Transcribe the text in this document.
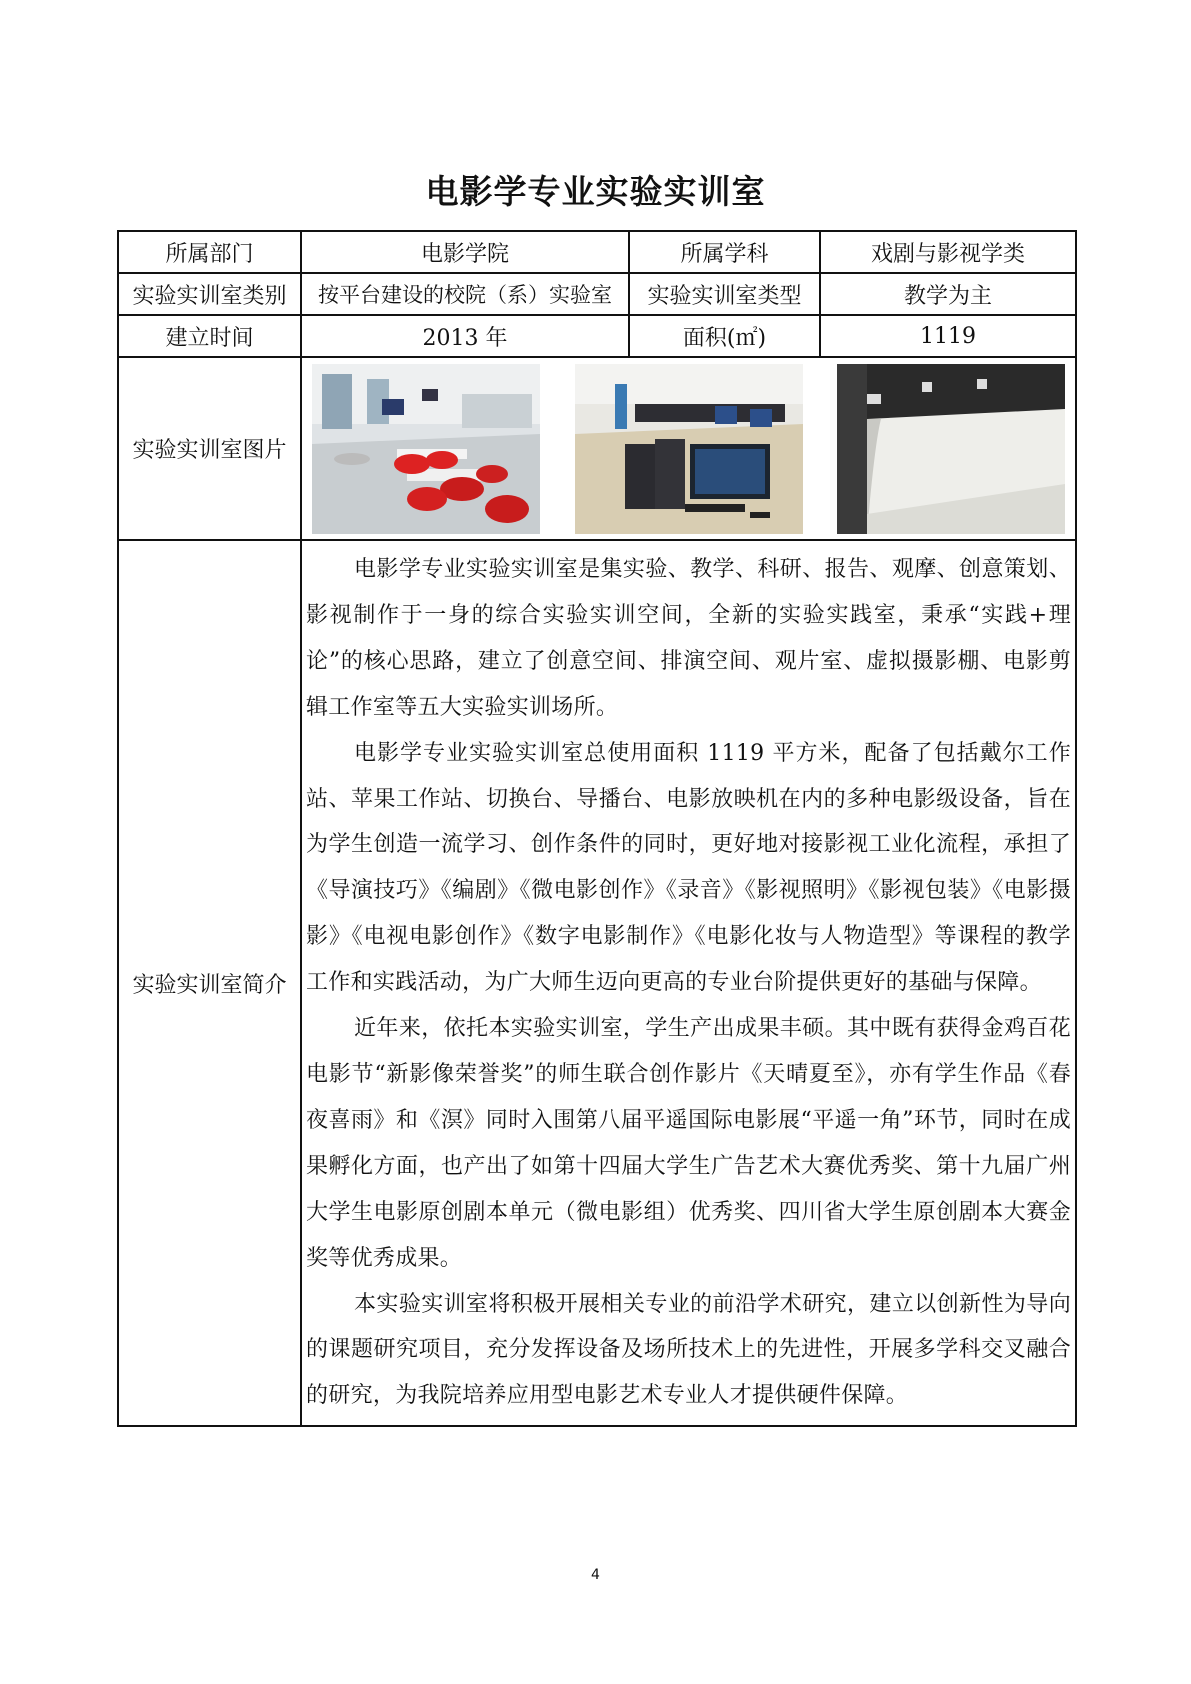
电影学专业实验实训室
所属部门	电影学院	所属学科	戏剧与影视学类
实验实训室类别	按平台建设的校院（系）实验室	实验实训室类型	教学为主
建立时间	2013 年	面积(㎡)	1119
实验实训室图片	

实验实训室简介	电影学专业实验实训室是集实验、教学、科研、报告、观摩、创意策划、影视制作于一身的综合实验实训空间，全新的实验实践室，秉承“实践+理论”的核心思路，建立了创意空间、排演空间、观片室、虚拟摄影棚、电影剪辑工作室等五大实验实训场所。

电影学专业实验实训室总使用面积 1119 平方米，配备了包括戴尔工作站、苹果工作站、切换台、导播台、电影放映机在内的多种电影级设备，旨在为学生创造一流学习、创作条件的同时，更好地对接影视工业化流程，承担了《导演技巧》《编剧》《微电影创作》《录音》《影视照明》《影视包装》《电影摄影》《电视电影创作》《数字电影制作》《电影化妆与人物造型》等课程的教学工作和实践活动，为广大师生迈向更高的专业台阶提供更好的基础与保障。

近年来，依托本实验实训室，学生产出成果丰硕。其中既有获得金鸡百花电影节“新影像荣誉奖”的师生联合创作影片《天晴夏至》，亦有学生作品《春夜喜雨》和《溟》同时入围第八届平遥国际电影展“平遥一角”环节，同时在成果孵化方面，也产出了如第十四届大学生广告艺术大赛优秀奖、第十九届广州大学生电影原创剧本单元（微电影组）优秀奖、四川省大学生原创剧本大赛金奖等优秀成果。

本实验实训室将积极开展相关专业的前沿学术研究，建立以创新性为导向的课题研究项目，充分发挥设备及场所技术上的先进性，开展多学科交叉融合的研究，为我院培养应用型电影艺术专业人才提供硬件保障。		

4
